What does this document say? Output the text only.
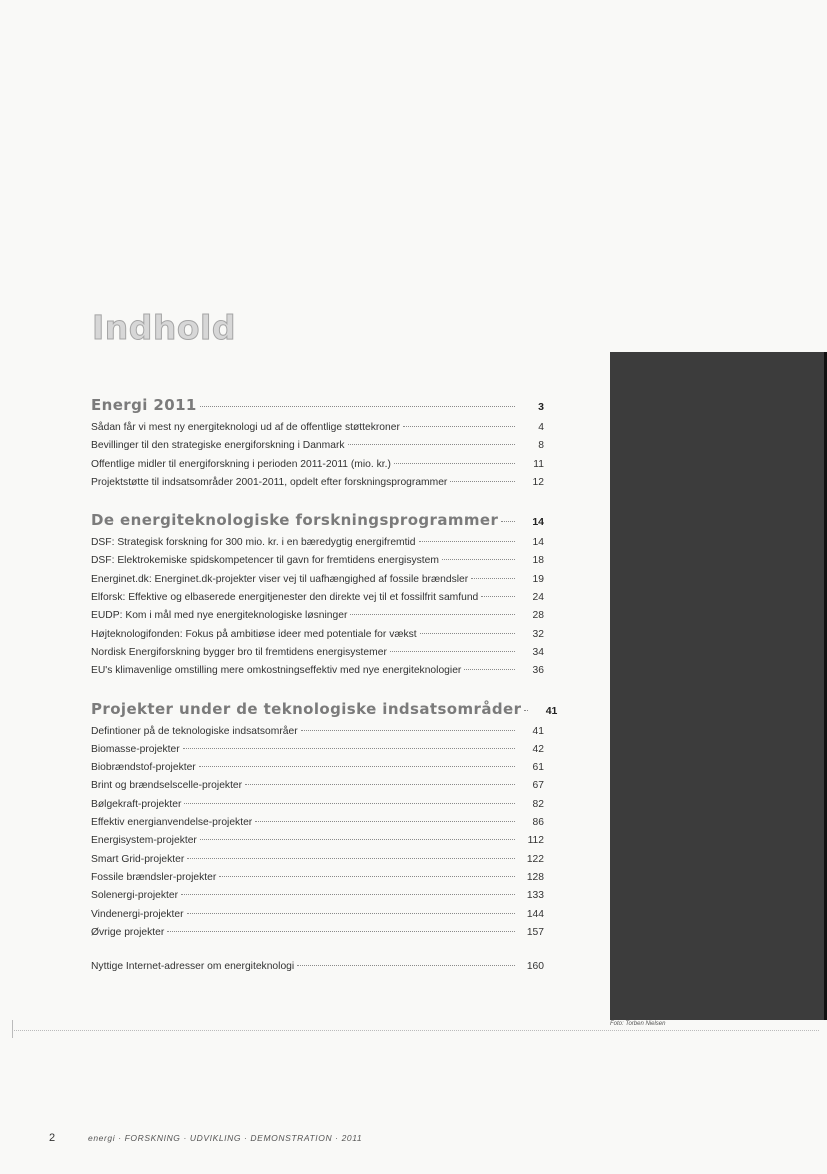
Indhold
Energi 2011	3
Sådan får vi mest ny energiteknologi ud af de offentlige støttekroner	4
Bevillinger til den strategiske energiforskning i Danmark	8
Offentlige midler til energiforskning i perioden 2011-2011 (mio. kr.)	11
Projektstøtte til indsatsområder 2001-2011, opdelt efter forskningsprogrammer	12
De energiteknologiske forskningsprogrammer	14
DSF: Strategisk forskning for 300 mio. kr. i en bæredygtig energifremtid	14
DSF: Elektrokemiske spidskompetencer til gavn for fremtidens energisystem	18
Energinet.dk: Energinet.dk-projekter viser vej til uafhængighed af fossile brændsler	19
Elforsk: Effektive og elbaserede energitjenester den direkte vej til et fossilfrit samfund	24
EUDP: Kom i mål med nye energiteknologiske løsninger	28
Højteknologifonden: Fokus på ambitiøse ideer med potentiale for vækst	32
Nordisk Energiforskning bygger bro til fremtidens energisystemer	34
EU's klimavenlige omstilling mere omkostningseffektiv med nye energiteknologier	36
Projekter under de teknologiske indsatsområder	41
Defintioner på de teknologiske indsatsområer	41
Biomasse-projekter	42
Biobrændstof-projekter	61
Brint og brændselscelle-projekter	67
Bølgekraft-projekter	82
Effektiv energianvendelse-projekter	86
Energisystem-projekter	112
Smart Grid-projekter	122
Fossile brændsler-projekter	128
Solenergi-projekter	133
Vindenergi-projekter	144
Øvrige projekter	157
Nyttige Internet-adresser om energiteknologi	160
Foto: Torben Nielsen
2	energi · FORSKNING · UDVIKLING · DEMONSTRATION · 2011
